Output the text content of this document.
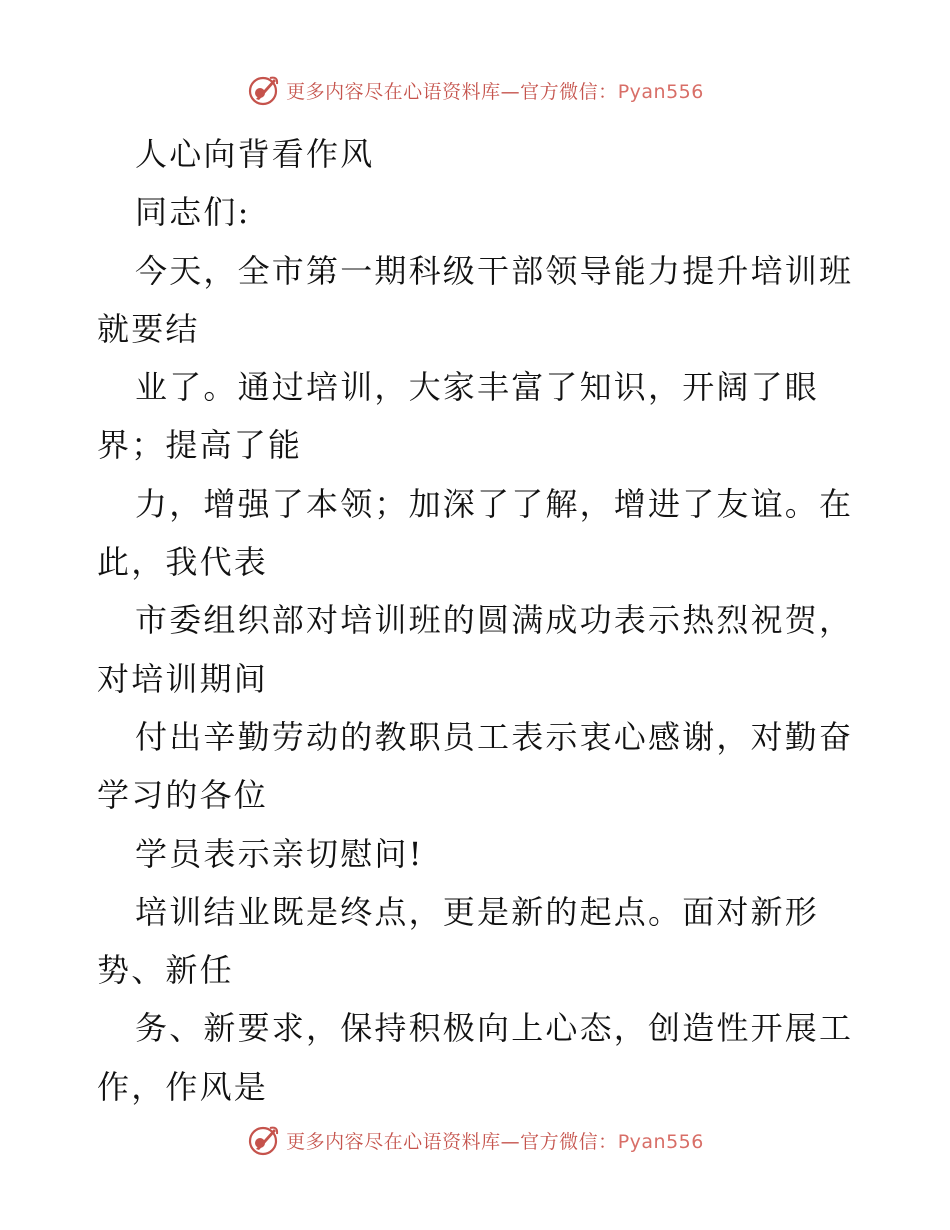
更多内容尽在心语资料库—官方微信：Pyan556
人心向背看作风
同志们:
今天，全市第一期科级干部领导能力提升培训班
就要结
业了。通过培训，大家丰富了知识，开阔了眼
界；提高了能
力，增强了本领；加深了了解，增进了友谊。在
此，我代表
市委组织部对培训班的圆满成功表示热烈祝贺，
对培训期间
付出辛勤劳动的教职员工表示衷心感谢，对勤奋
学习的各位
学员表示亲切慰问!
培训结业既是终点，更是新的起点。面对新形
势、新任
务、新要求，保持积极向上心态，创造性开展工
作，作风是
更多内容尽在心语资料库—官方微信：Pyan556
